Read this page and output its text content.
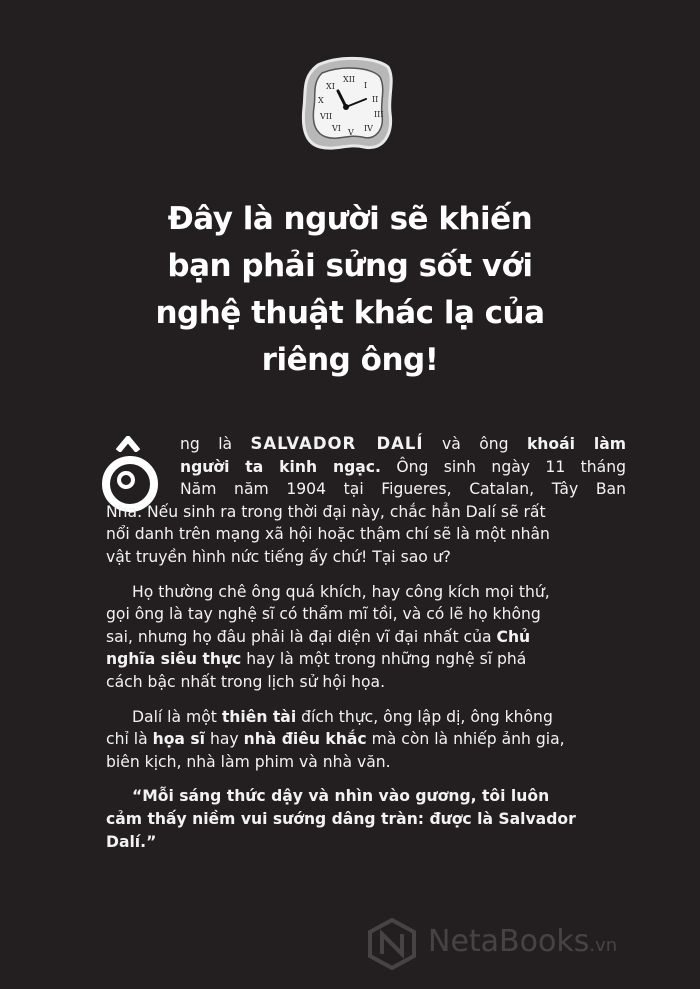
XII
I
II
III
IV
V
VI
VII
X
XI
Đây là người sẽ khiến
bạn phải sửng sốt với
nghệ thuật khác lạ của
riêng ông!
ng là SALVADOR DALÍ và ông khoái làm
người ta kinh ngạc. Ông sinh ngày 11 tháng
Năm năm 1904 tại Figueres, Catalan, Tây Ban
Nha. Nếu sinh ra trong thời đại này, chắc hẳn Dalí sẽ rất
nổi danh trên mạng xã hội hoặc thậm chí sẽ là một nhân
vật truyền hình nức tiếng ấy chứ! Tại sao ư?
Họ thường chê ông quá khích, hay công kích mọi thứ,
gọi ông là tay nghệ sĩ có thẩm mĩ tồi, và có lẽ họ không
sai, nhưng họ đâu phải là đại diện vĩ đại nhất của Chủ
nghĩa siêu thực hay là một trong những nghệ sĩ phá
cách bậc nhất trong lịch sử hội họa.
Dalí là một thiên tài đích thực, ông lập dị, ông không
chỉ là họa sĩ hay nhà điêu khắc mà còn là nhiếp ảnh gia,
biên kịch, nhà làm phim và nhà văn.
“Mỗi sáng thức dậy và nhìn vào gương, tôi luôn
cảm thấy niềm vui sướng dâng tràn: được là Salvador
Dalí.”
NetaBooks.vn
